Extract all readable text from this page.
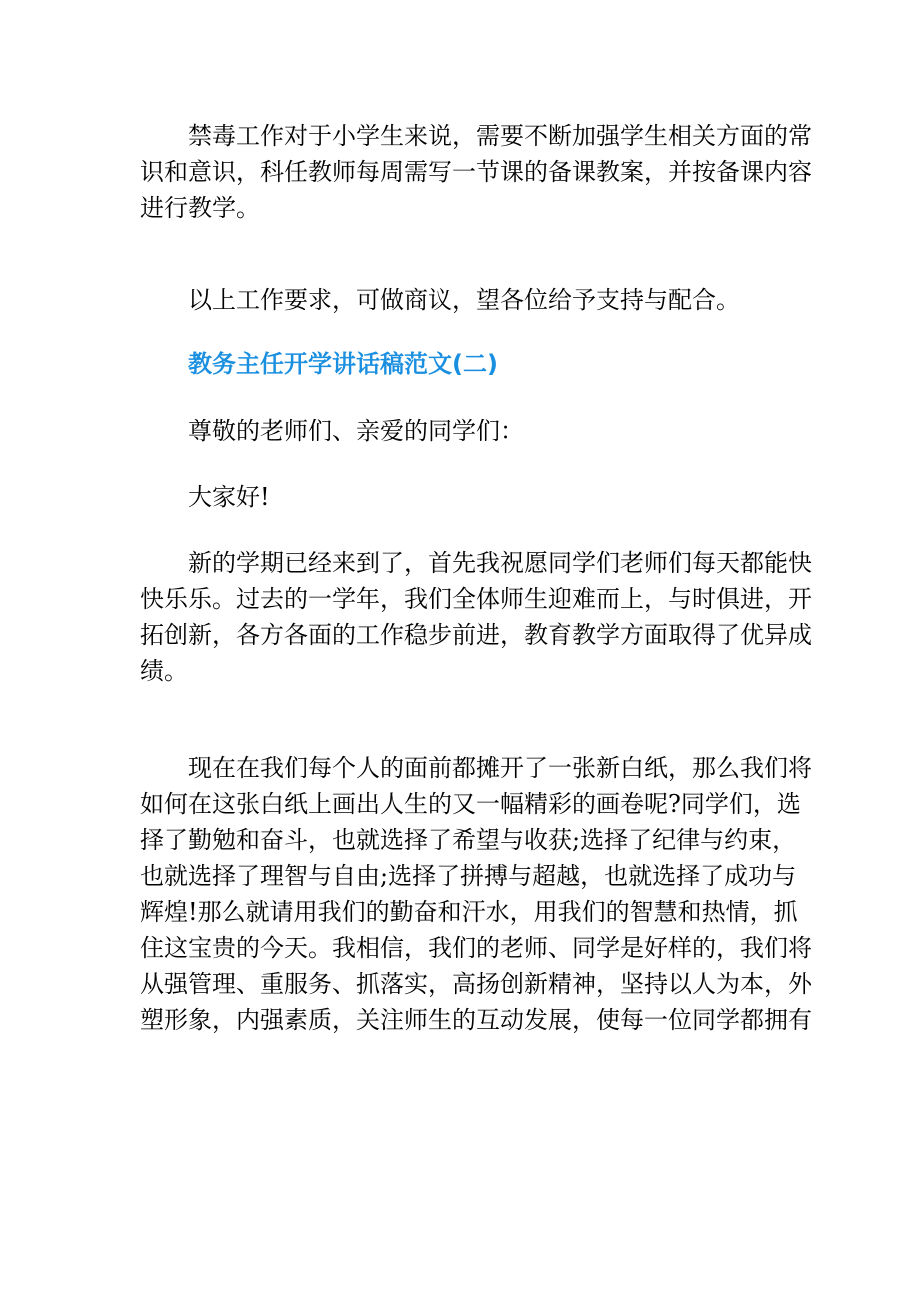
禁毒工作对于小学生来说，需要不断加强学生相关方面的常
识和意识，科任教师每周需写一节课的备课教案，并按备课内容
进行教学。
以上工作要求，可做商议，望各位给予支持与配合。
教务主任开学讲话稿范文(二)
尊敬的老师们、亲爱的同学们：
大家好!
新的学期已经来到了，首先我祝愿同学们老师们每天都能快
快乐乐。过去的一学年，我们全体师生迎难而上，与时俱进，开
拓创新，各方各面的工作稳步前进，教育教学方面取得了优异成
绩。
现在在我们每个人的面前都摊开了一张新白纸，那么我们将
如何在这张白纸上画出人生的又一幅精彩的画卷呢?同学们，选
择了勤勉和奋斗，也就选择了希望与收获;选择了纪律与约束，
也就选择了理智与自由;选择了拼搏与超越，也就选择了成功与
辉煌!那么就请用我们的勤奋和汗水，用我们的智慧和热情，抓
住这宝贵的今天。我相信，我们的老师、同学是好样的，我们将
从强管理、重服务、抓落实，高扬创新精神，坚持以人为本，外
塑形象，内强素质，关注师生的互动发展，使每一位同学都拥有
